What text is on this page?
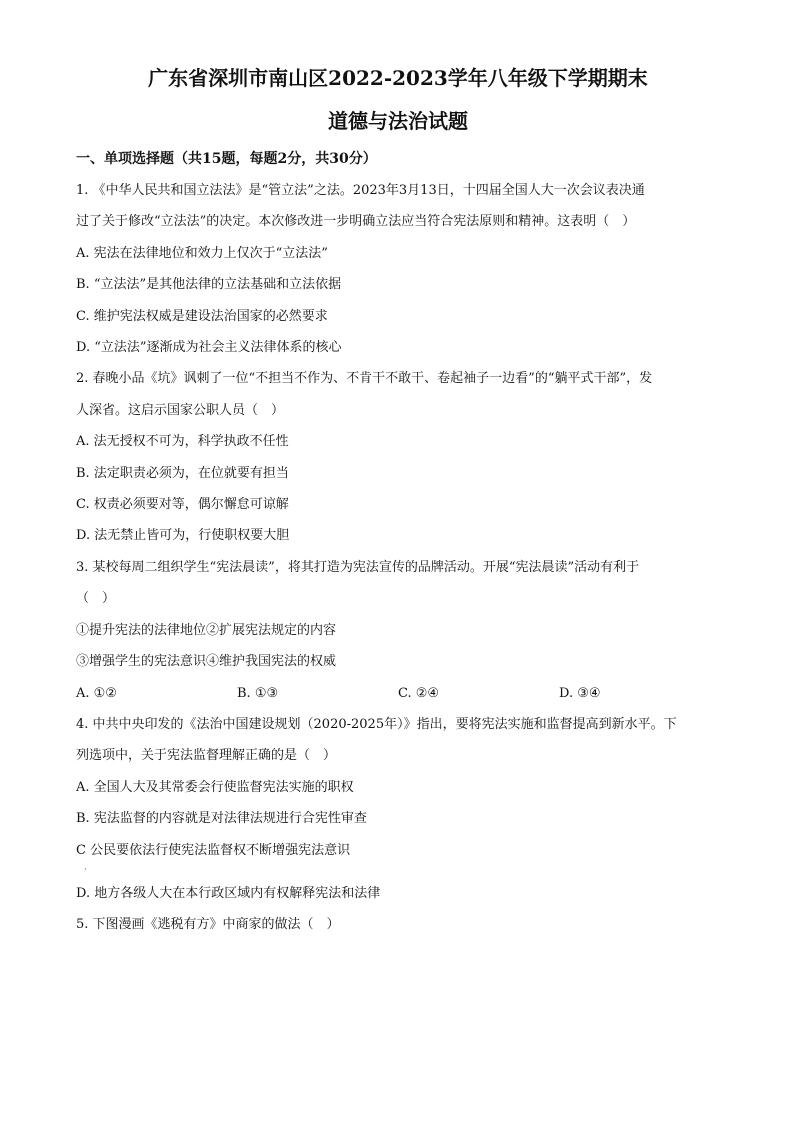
广东省深圳市南山区2022-2023学年八年级下学期期末
道德与法治试题
一、单项选择题（共15题，每题2分，共30分）

1. 《中华人民共和国立法法》是“管立法”之法。2023年3月13日，十四届全国人大一次会议表决通

过了关于修改“立法法”的决定。本次修改进一步明确立法应当符合宪法原则和精神。这表明（　）

A. 宪法在法律地位和效力上仅次于“立法法”

B. “立法法”是其他法律的立法基础和立法依据

C. 维护宪法权威是建设法治国家的必然要求

D. “立法法”逐渐成为社会主义法律体系的核心

2. 春晚小品《坑》讽刺了一位“不担当不作为、不肯干不敢干、卷起袖子一边看”的“躺平式干部”，发

人深省。这启示国家公职人员（　）

A. 法无授权不可为，科学执政不任性

B. 法定职责必须为，在位就要有担当

C. 权责必须要对等，偶尔懈怠可谅解

D. 法无禁止皆可为，行使职权要大胆

3. 某校每周二组织学生“宪法晨读”，将其打造为宪法宣传的品牌活动。开展“宪法晨读”活动有利于

（　）

①提升宪法的法律地位②扩展宪法规定的内容

③增强学生的宪法意识④维护我国宪法的权威

A. ①②	B. ①③	C. ②④	D. ③④

4. 中共中央印发的《法治中国建设规划（2020-2025年）》指出，要将宪法实施和监督提高到新水平。下

列选项中，关于宪法监督理解正确的是（　）

A. 全国人大及其常委会行使监督宪法实施的职权

B. 宪法监督的内容就是对法律法规进行合宪性审查

C 公民要依法行使宪法监督权不断增强宪法意识

·

D. 地方各级人大在本行政区域内有权解释宪法和法律

5. 下图漫画《逃税有方》中商家的做法（　）
